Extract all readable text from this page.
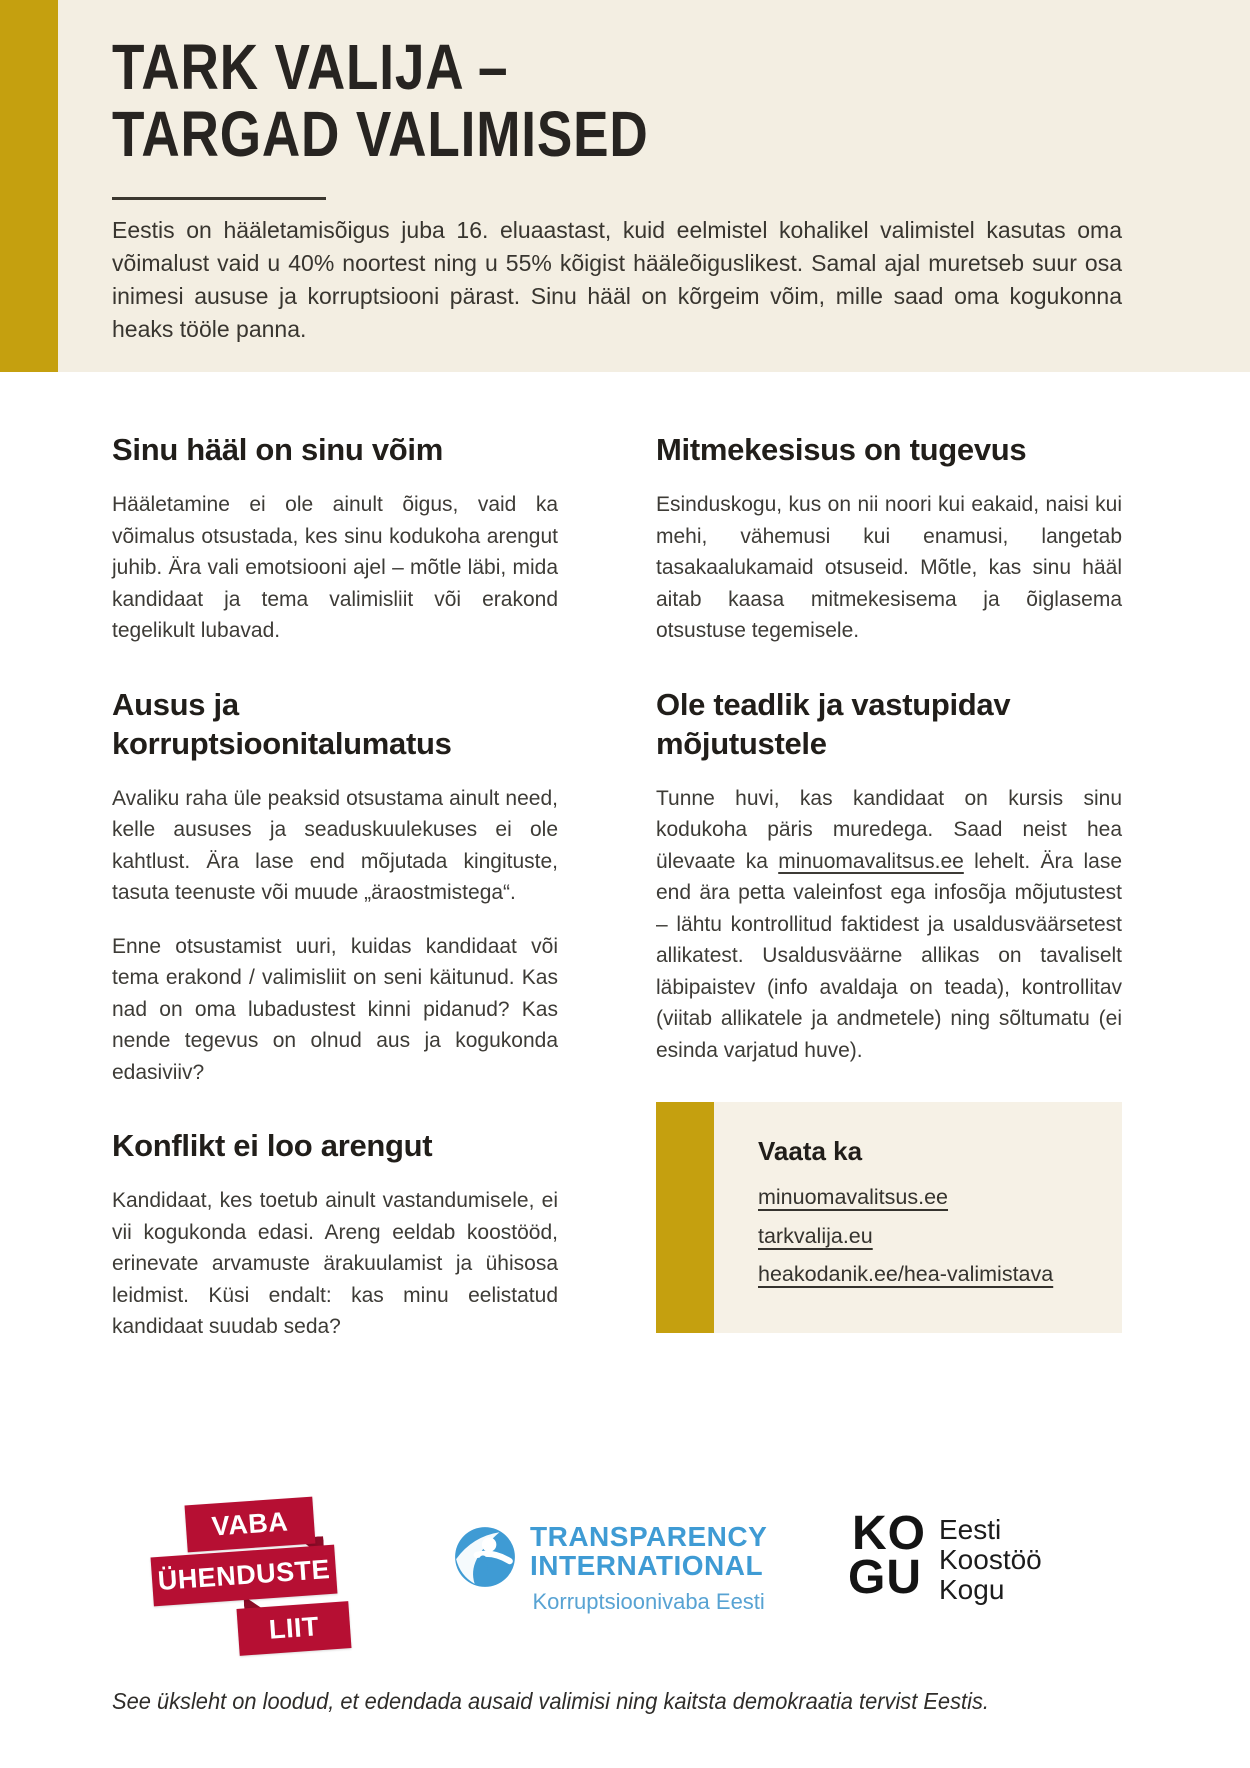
TARK VALIJA –
TARGAD VALIMISED

Eestis on hääletamisõigus juba 16. eluaastast, kuid eelmistel kohalikel valimistel kasutas oma võimalust vaid u 40% noortest ning u 55% kõigist hääleõiguslikest. Samal ajal muretseb suur osa inimesi aususe ja korruptsiooni pärast. Sinu hääl on kõrgeim võim, mille saad oma kogukonna heaks tööle panna.

Sinu hääl on sinu võim

Hääletamine ei ole ainult õigus, vaid ka võimalus otsustada, kes sinu kodukoha arengut juhib. Ära vali emotsiooni ajel – mõtle läbi, mida kandidaat ja tema valimisliit või erakond tegelikult lubavad.

Ausus ja korruptsioonitalumatus

Avaliku raha üle peaksid otsustama ainult need, kelle aususes ja seaduskuulekuses ei ole kahtlust. Ära lase end mõjutada kingituste, tasuta teenuste või muude „äraostmistega“.

Enne otsustamist uuri, kuidas kandidaat või tema erakond / valimisliit on seni käitunud. Kas nad on oma lubadustest kinni pidanud? Kas nende tegevus on olnud aus ja kogukonda edasiviiv?

Konflikt ei loo arengut

Kandidaat, kes toetub ainult vastandumisele, ei vii kogukonda edasi. Areng eeldab koostööd, erinevate arvamuste ärakuulamist ja ühisosa leidmist. Küsi endalt: kas minu eelistatud kandidaat suudab seda?

Mitmekesisus on tugevus

Esinduskogu, kus on nii noori kui eakaid, naisi kui mehi, vähemusi kui enamusi, langetab tasakaalukamaid otsuseid. Mõtle, kas sinu hääl aitab kaasa mitmekesisema ja õiglasema otsustuse tegemisele.

Ole teadlik ja vastupidav mõjutustele

Tunne huvi, kas kandidaat on kursis sinu kodukoha päris muredega. Saad neist hea ülevaate ka minuomavalitsus.ee lehelt. Ära lase end ära petta valeinfost ega infosõja mõjutustest – lähtu kontrollitud faktidest ja usaldusväärsetest allikatest. Usaldusväärne allikas on tavaliselt läbipaistev (info avaldaja on teada), kontrollitav (viitab allikatele ja andmetele) ning sõltumatu (ei esinda varjatud huve).

Vaata ka
minuomavalitsus.ee
tarkvalija.eu
heakodanik.ee/hea-valimistava
VABA
ÜHENDUSTE
LIIT
TRANSPARENCY
INTERNATIONAL
Korruptsioonivaba Eesti
KO
GU
Eesti
Koostöö
Kogu

See üksleht on loodud, et edendada ausaid valimisi ning kaitsta demokraatia tervist Eestis.
